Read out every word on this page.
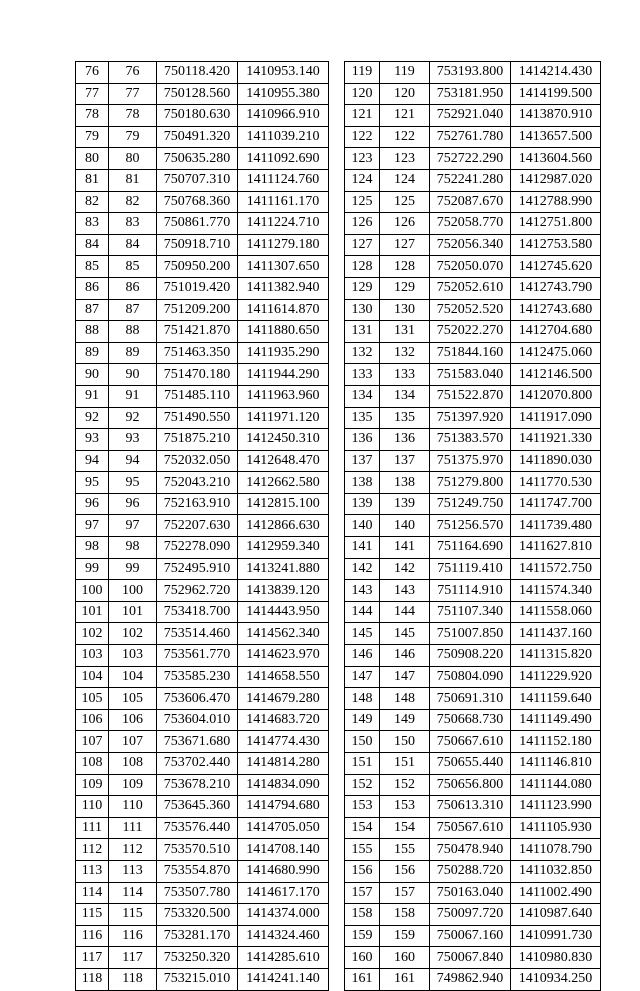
76	76	750118.420	1410953.140
77	77	750128.560	1410955.380
78	78	750180.630	1410966.910
79	79	750491.320	1411039.210
80	80	750635.280	1411092.690
81	81	750707.310	1411124.760
82	82	750768.360	1411161.170
83	83	750861.770	1411224.710
84	84	750918.710	1411279.180
85	85	750950.200	1411307.650
86	86	751019.420	1411382.940
87	87	751209.200	1411614.870
88	88	751421.870	1411880.650
89	89	751463.350	1411935.290
90	90	751470.180	1411944.290
91	91	751485.110	1411963.960
92	92	751490.550	1411971.120
93	93	751875.210	1412450.310
94	94	752032.050	1412648.470
95	95	752043.210	1412662.580
96	96	752163.910	1412815.100
97	97	752207.630	1412866.630
98	98	752278.090	1412959.340
99	99	752495.910	1413241.880
100	100	752962.720	1413839.120
101	101	753418.700	1414443.950
102	102	753514.460	1414562.340
103	103	753561.770	1414623.970
104	104	753585.230	1414658.550
105	105	753606.470	1414679.280
106	106	753604.010	1414683.720
107	107	753671.680	1414774.430
108	108	753702.440	1414814.280
109	109	753678.210	1414834.090
110	110	753645.360	1414794.680
111	111	753576.440	1414705.050
112	112	753570.510	1414708.140
113	113	753554.870	1414680.990
114	114	753507.780	1414617.170
115	115	753320.500	1414374.000
116	116	753281.170	1414324.460
117	117	753250.320	1414285.610
118	118	753215.010	1414241.140
119	119	753193.800	1414214.430
120	120	753181.950	1414199.500
121	121	752921.040	1413870.910
122	122	752761.780	1413657.500
123	123	752722.290	1413604.560
124	124	752241.280	1412987.020
125	125	752087.670	1412788.990
126	126	752058.770	1412751.800
127	127	752056.340	1412753.580
128	128	752050.070	1412745.620
129	129	752052.610	1412743.790
130	130	752052.520	1412743.680
131	131	752022.270	1412704.680
132	132	751844.160	1412475.060
133	133	751583.040	1412146.500
134	134	751522.870	1412070.800
135	135	751397.920	1411917.090
136	136	751383.570	1411921.330
137	137	751375.970	1411890.030
138	138	751279.800	1411770.530
139	139	751249.750	1411747.700
140	140	751256.570	1411739.480
141	141	751164.690	1411627.810
142	142	751119.410	1411572.750
143	143	751114.910	1411574.340
144	144	751107.340	1411558.060
145	145	751007.850	1411437.160
146	146	750908.220	1411315.820
147	147	750804.090	1411229.920
148	148	750691.310	1411159.640
149	149	750668.730	1411149.490
150	150	750667.610	1411152.180
151	151	750655.440	1411146.810
152	152	750656.800	1411144.080
153	153	750613.310	1411123.990
154	154	750567.610	1411105.930
155	155	750478.940	1411078.790
156	156	750288.720	1411032.850
157	157	750163.040	1411002.490
158	158	750097.720	1410987.640
159	159	750067.160	1410991.730
160	160	750067.840	1410980.830
161	161	749862.940	1410934.250
